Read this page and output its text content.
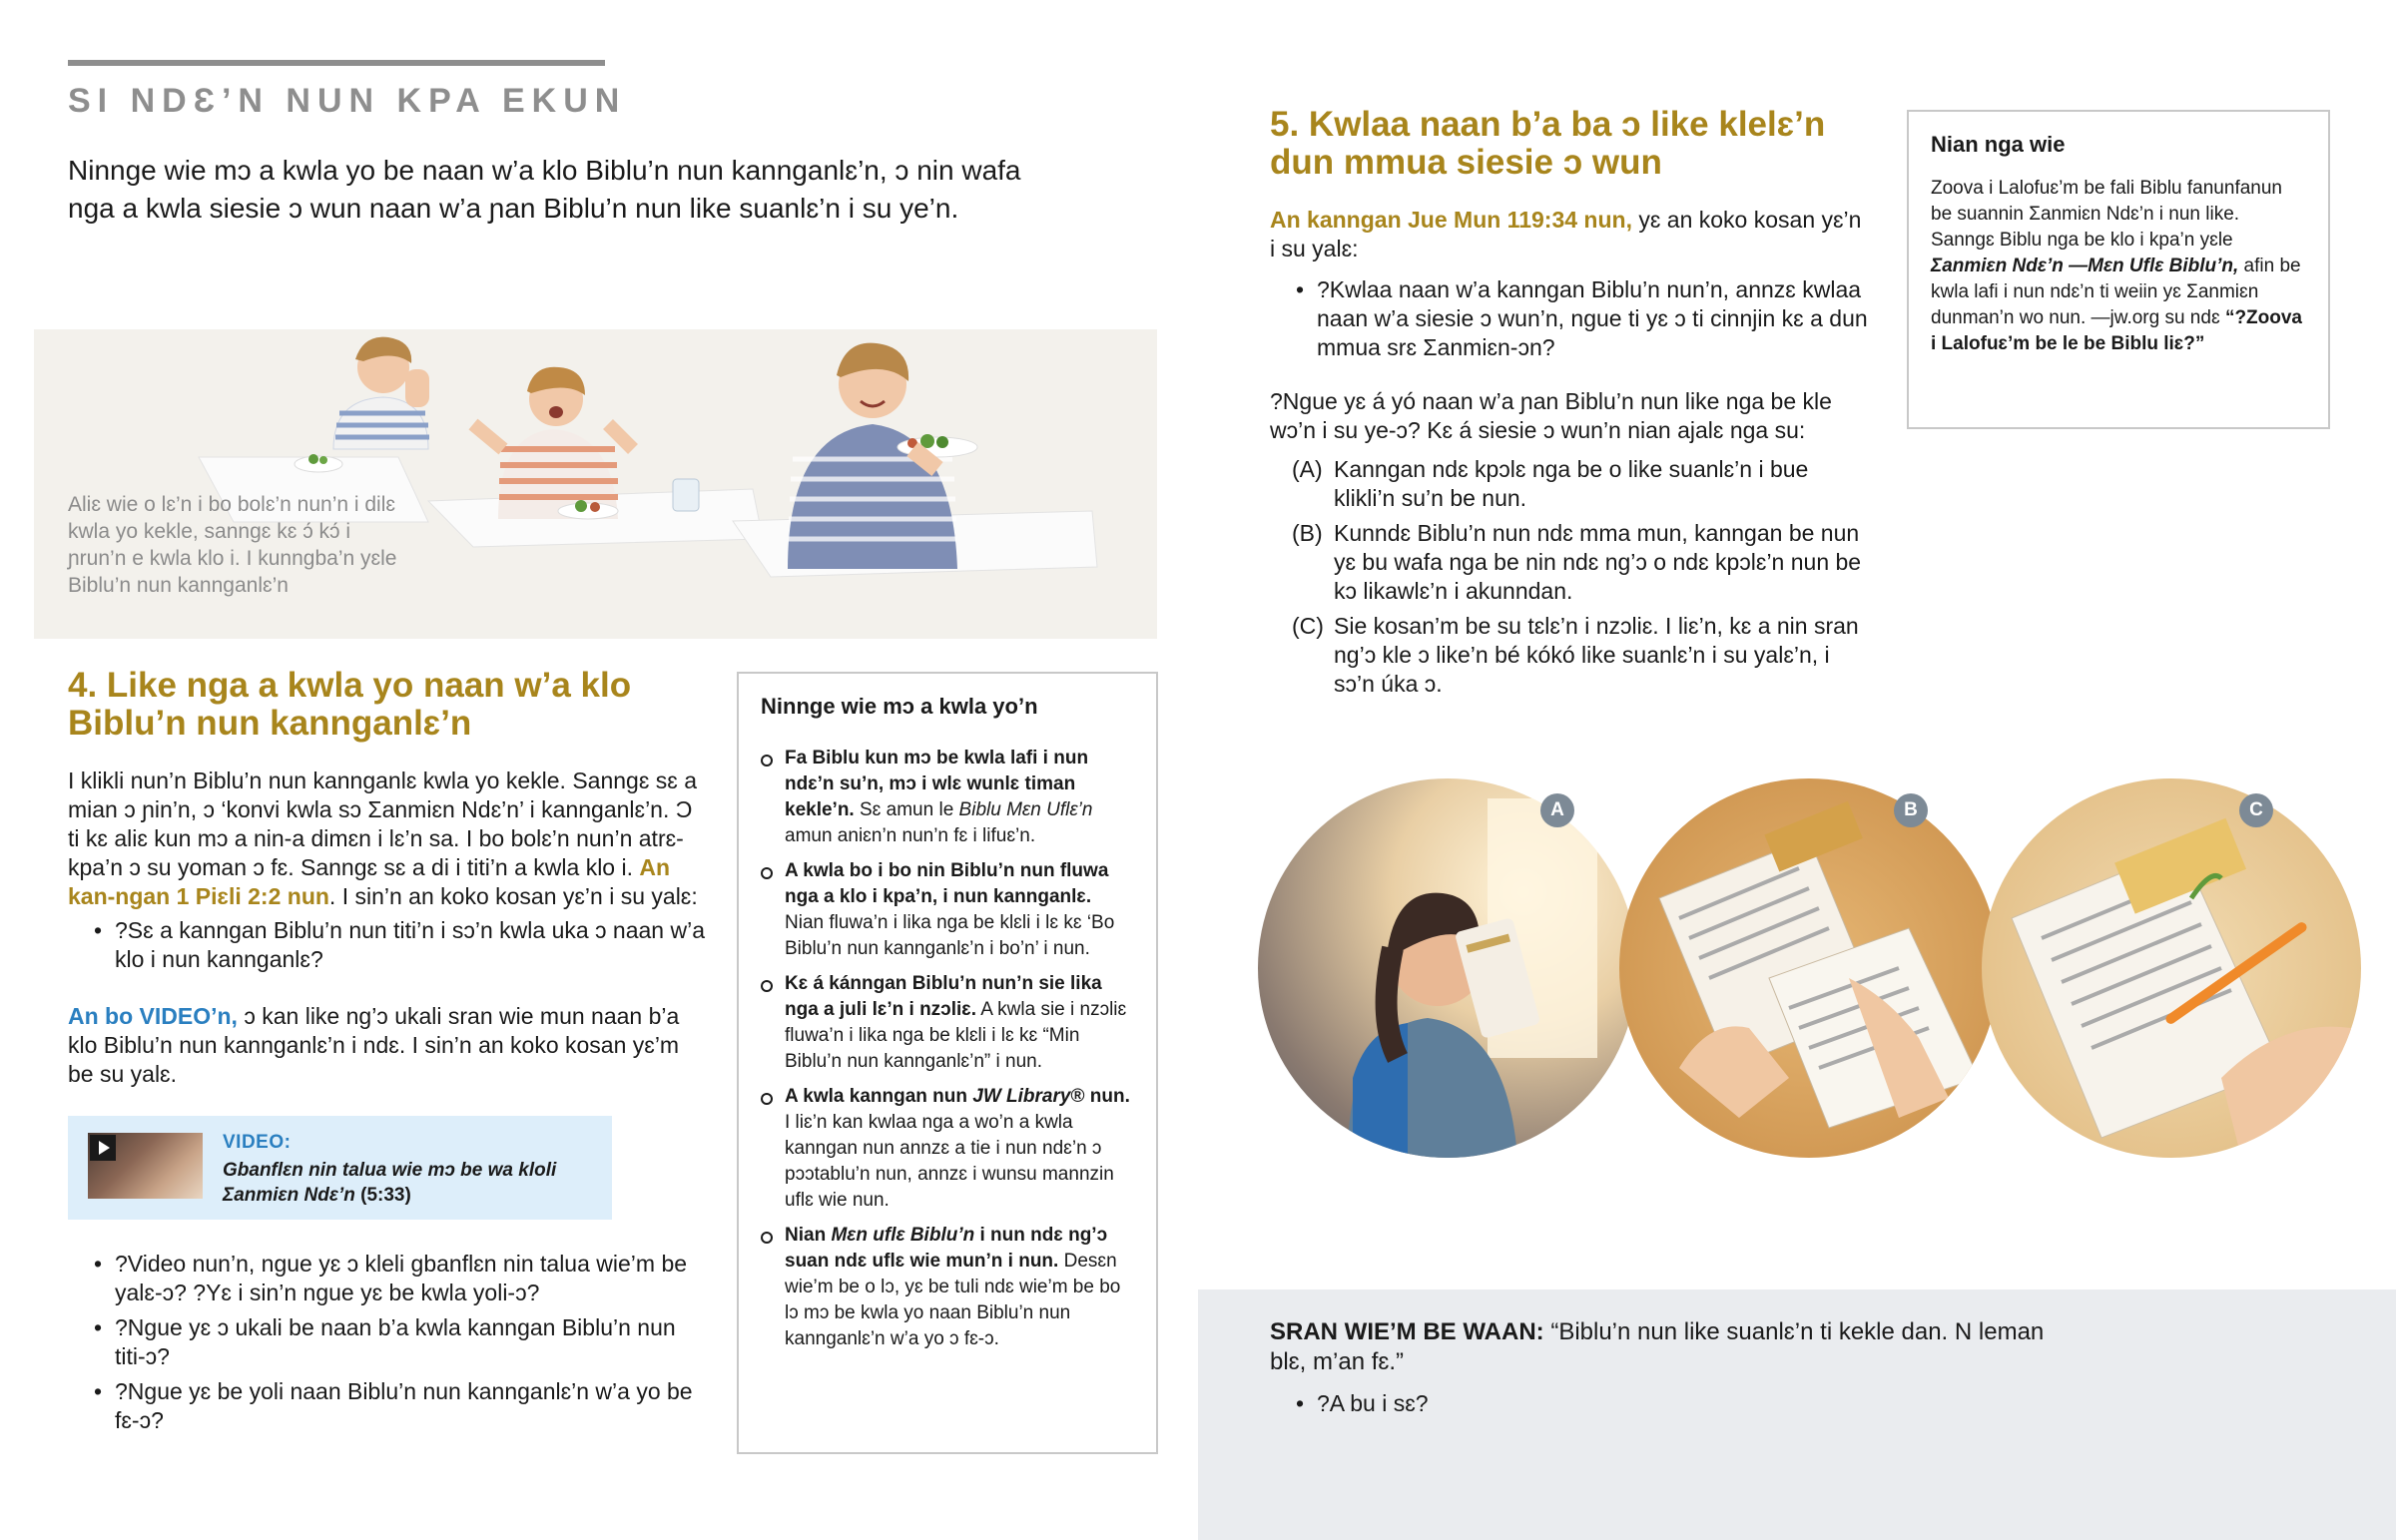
SI NDƐ’N NUN KPA EKUN

Ninnge wie mɔ a kwla yo be naan w’a klo Biblu’n nun kannganlɛ’n, ɔ nin wafa nga a kwla siesie ɔ wun naan w’a ɲan Biblu’n nun like suanlɛ’n i su ye’n.

Aliɛ wie o lɛ’n i bo bolɛ’n nun’n i dilɛ kwla yo kekle, sanngɛ kɛ ɔ́ kɔ́ i ɲrun’n e kwla klo i. I kunngba’n yɛle Biblu’n nun kannganlɛ’n

4. Like nga a kwla yo naan w’a klo Biblu’n nun kannganlɛ’n

I klikli nun’n Biblu’n nun kannganlɛ kwla yo kekle. Sanngɛ sɛ a mian ɔ ɲin’n, ɔ ‘konvi kwla sɔ Ʃanmiɛn Ndɛ’n’ i kannganlɛ’n. Ɔ ti kɛ aliɛ kun mɔ a nin-a dimɛn i lɛ’n sa. I bo bolɛ’n nun’n atrɛ-kpa’n ɔ su yoman ɔ fɛ. Sanngɛ sɛ a di i titi’n a kwla klo i. An kan-ngan 1 Piɛli 2:2 nun. I sin’n an koko kosan yɛ’n i su yalɛ:

• ?Sɛ a kanngan Biblu’n nun titi’n i sɔ’n kwla uka ɔ naan w’a klo i nun kannganlɛ?

An bo VIDEO’n, ɔ kan like ng’ɔ ukali sran wie mun naan b’a klo Biblu’n nun kannganlɛ’n i ndɛ. I sin’n an koko kosan yɛ’m be su yalɛ.

VIDEO:
Gbanflɛn nin talua wie mɔ be wa kloli Ʃanmiɛn Ndɛ’n (5:33)
• ?Video nun’n, ngue yɛ ɔ kleli gbanflɛn nin talua wie’m be yalɛ-ɔ? ?Yɛ i sin’n ngue yɛ be kwla yoli-ɔ?
• ?Ngue yɛ ɔ ukali be naan b’a kwla kanngan Biblu’n nun titi-ɔ?
• ?Ngue yɛ be yoli naan Biblu’n nun kannganlɛ’n w’a yo be fɛ-ɔ?
Ninnge wie mɔ a kwla yo’n
Fa Biblu kun mɔ be kwla lafi i nun ndɛ’n su’n, mɔ i wlɛ wunlɛ timan kekle’n. Sɛ amun le Biblu Mɛn Uflɛ’n amun aniɛn’n nun’n fɛ i lifuɛ’n.
A kwla bo i bo nin Biblu’n nun fluwa nga a klo i kpa’n, i nun kannganlɛ. Nian fluwa’n i lika nga be klɛli i lɛ kɛ ‘Bo Biblu’n nun kannganlɛ’n i bo’n’ i nun.
Kɛ á kánngan Biblu’n nun’n sie lika nga a juli lɛ’n i nzɔliɛ. A kwla sie i nzɔliɛ fluwa’n i lika nga be klɛli i lɛ kɛ “Min Biblu’n nun kannganlɛ’n” i nun.
A kwla kanngan nun JW Library® nun. I liɛ’n kan kwlaa nga a wo’n a kwla kanngan nun annzɛ a tie i nun ndɛ’n ɔ pɔɔtablu’n nun, annzɛ i wunsu mannzin uflɛ wie nun.
Nian Mɛn uflɛ Biblu’n i nun ndɛ ng’ɔ suan ndɛ uflɛ wie mun’n i nun. Desɛn wie’m be o lɔ, yɛ be tuli ndɛ wie’m be bo lɔ mɔ be kwla yo naan Biblu’n nun kannganlɛ’n w’a yo ɔ fɛ-ɔ.
5. Kwlaa naan b’a ba ɔ like klelɛ’n dun mmua siesie ɔ wun

An kanngan Jue Mun 119:34 nun, yɛ an koko kosan yɛ’n i su yalɛ:

• ?Kwlaa naan w’a kanngan Biblu’n nun’n, annzɛ kwlaa naan w’a siesie ɔ wun’n, ngue ti yɛ ɔ ti cinnjin kɛ a dun mmua srɛ Ʃanmiɛn-ɔn?

?Ngue yɛ á yó naan w’a ɲan Biblu’n nun like nga be kle wɔ’n i su ye-ɔ? Kɛ á siesie ɔ wun’n nian ajalɛ nga su:

(A) Kanngan ndɛ kpɔlɛ nga be o like suanlɛ’n i bue klikli’n su’n be nun.
(B) Kunndɛ Biblu’n nun ndɛ mma mun, kanngan be nun yɛ bu wafa nga be nin ndɛ ng’ɔ o ndɛ kpɔlɛ’n nun be kɔ likawlɛ’n i akunndan.
(C) Sie kosan’m be su tɛlɛ’n i nzɔliɛ. I liɛ’n, kɛ a nin sran ng’ɔ kle ɔ like’n bé kókó like suanlɛ’n i su yalɛ’n, i sɔ’n úka ɔ.
Nian nga wie
Zoova i Lalofuɛ’m be fali Biblu fanunfanun be suannin Ʃanmiɛn Ndɛ’n i nun like. Sanngɛ Biblu nga be klo i kpa’n yɛle Ʃanmiɛn Ndɛ’n —Mɛn Uflɛ Biblu’n, afin be kwla lafi i nun ndɛ’n ti weiin yɛ Ʃanmiɛn dunman’n wo nun. —jw.org su ndɛ “?Zoova i Lalofuɛ’m be le be Biblu liɛ?”
A	B	C

SRAN WIE’M BE WAAN: “Biblu’n nun like suanlɛ’n ti kekle dan. N leman blɛ, m’an fɛ.”

• ?A bu i sɛ?
